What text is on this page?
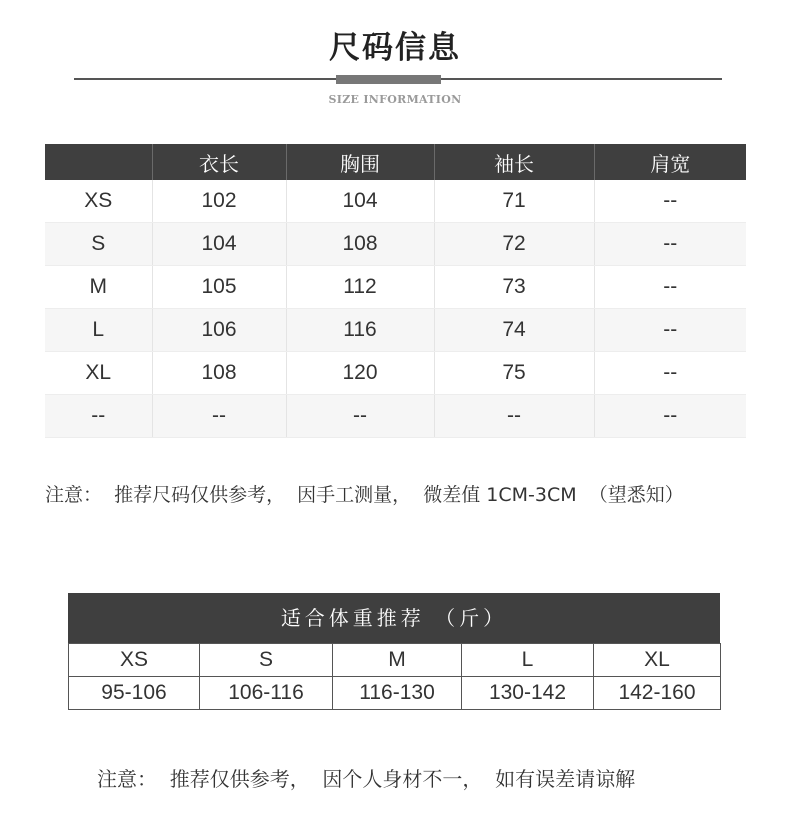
尺码信息
SIZE INFORMATION
	衣长	胸围	袖长	肩宽
XS	102	104	71	--
S	104	108	72	--
M	105	112	73	--
L	106	116	74	--
XL	108	120	75	--
--	--	--	--	--
注意：  推荐尺码仅供参考，  因手工测量，  微差值 1CM-3CM  （望悉知）
适合体重推荐 （斤）
XS	S	M	L	XL
95-106	106-116	116-130	130-142	142-160
注意：  推荐仅供参考，  因个人身材不一，  如有误差请谅解
